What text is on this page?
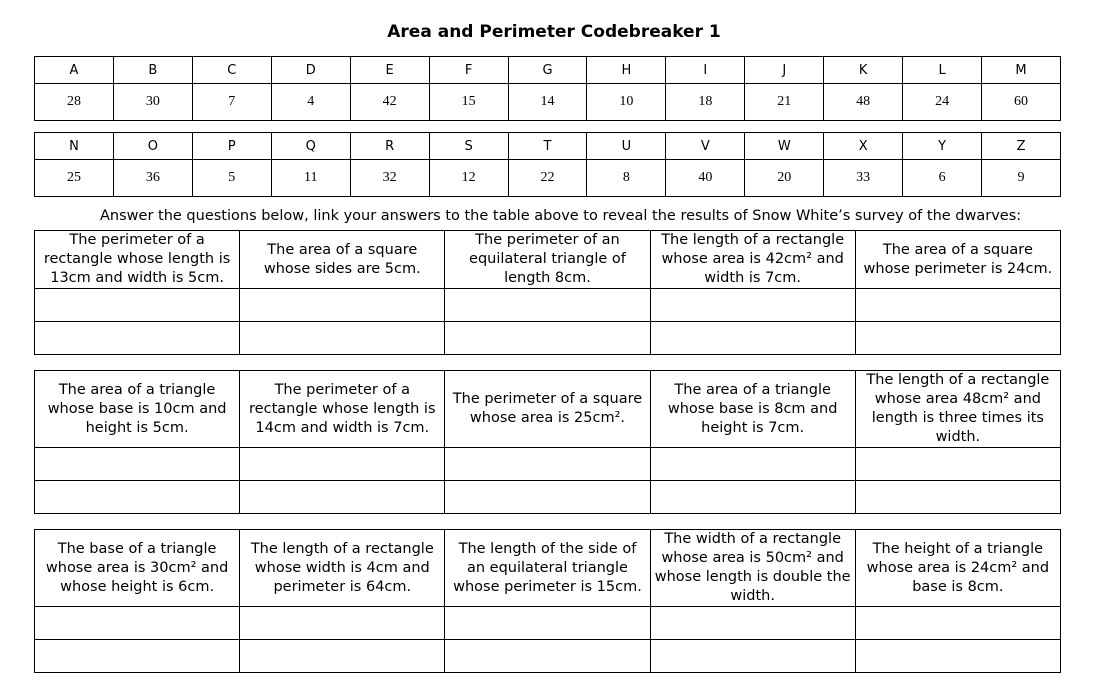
Area and Perimeter Codebreaker 1
A	B	C	D	E	F	G	H	I	J	K	L	M
28	30	7	4	42	15	14	10	18	21	48	24	60
N	O	P	Q	R	S	T	U	V	W	X	Y	Z
25	36	5	11	32	12	22	8	40	20	33	6	9
Answer the questions below, link your answers to the table above to reveal the results of Snow White’s survey of the dwarves:
The perimeter of a rectangle whose length is 13cm and width is 5cm.	The area of a square whose sides are 5cm.	The perimeter of an equilateral triangle of length 8cm.	The length of a rectangle whose area is 42cm² and width is 7cm.	The area of a square whose perimeter is 24cm.

The area of a triangle whose base is 10cm and height is 5cm.	The perimeter of a rectangle whose length is 14cm and width is 7cm.	The perimeter of a square whose area is 25cm².	The area of a triangle whose base is 8cm and height is 7cm.	The length of a rectangle whose area 48cm² and length is three times its width.

The base of a triangle whose area is 30cm² and whose height is 6cm.	The length of a rectangle whose width is 4cm and perimeter is 64cm.	The length of the side of an equilateral triangle whose perimeter is 15cm.	The width of a rectangle whose area is 50cm² and whose length is double the width.	The height of a triangle whose area is 24cm² and base is 8cm.
